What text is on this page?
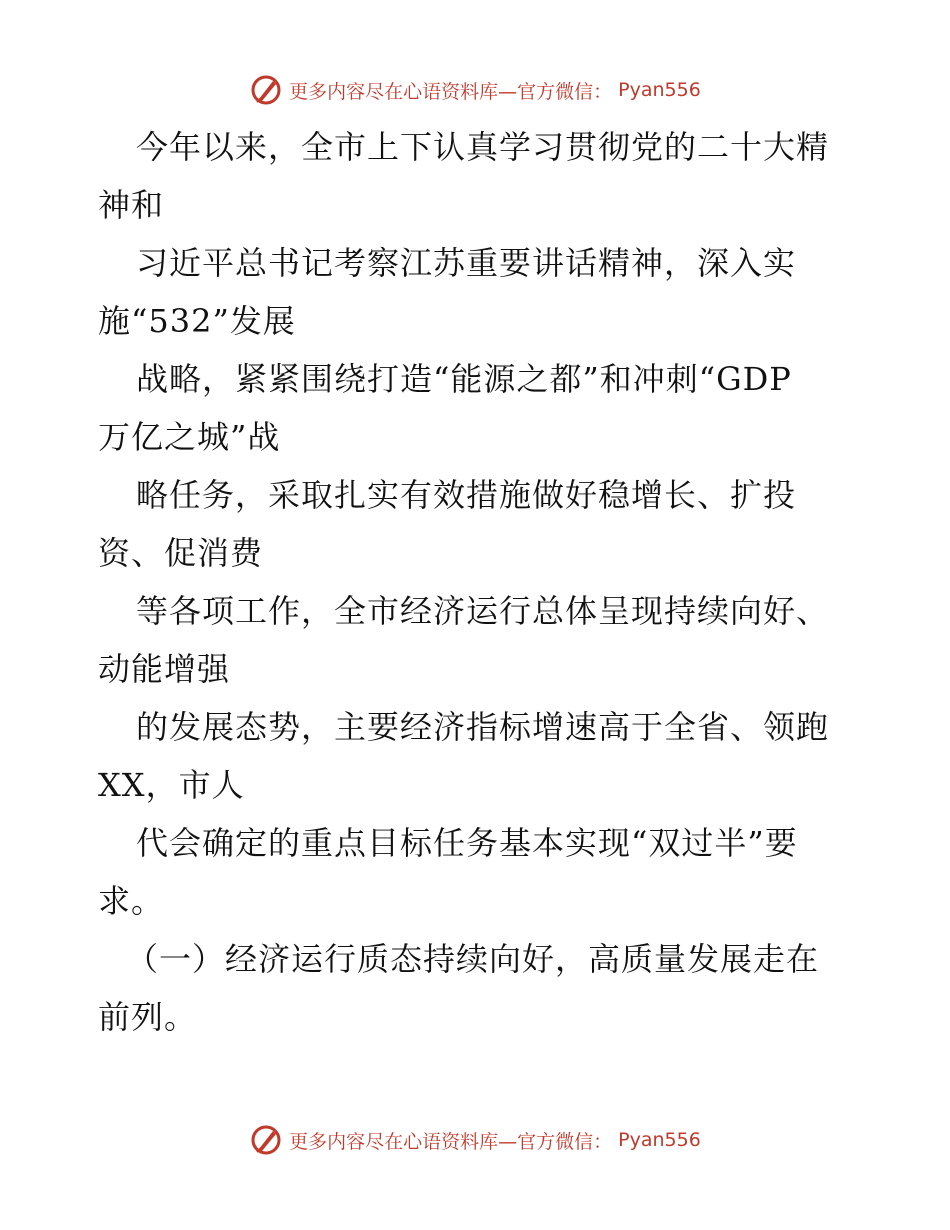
更多内容尽在心语资料库—官方微信： Pyan556
今年以来，全市上下认真学习贯彻党的二十大精
神和
习近平总书记考察江苏重要讲话精神，深入实
施“532”发展
战略，紧紧围绕打造“能源之都”和冲刺“GDP
万亿之城”战
略任务，采取扎实有效措施做好稳增长、扩投
资、促消费
等各项工作，全市经济运行总体呈现持续向好、
动能增强
的发展态势，主要经济指标增速高于全省、领跑
XX，市人
代会确定的重点目标任务基本实现“双过半”要
求。
（一）经济运行质态持续向好，高质量发展走在
前列。
更多内容尽在心语资料库—官方微信： Pyan556
